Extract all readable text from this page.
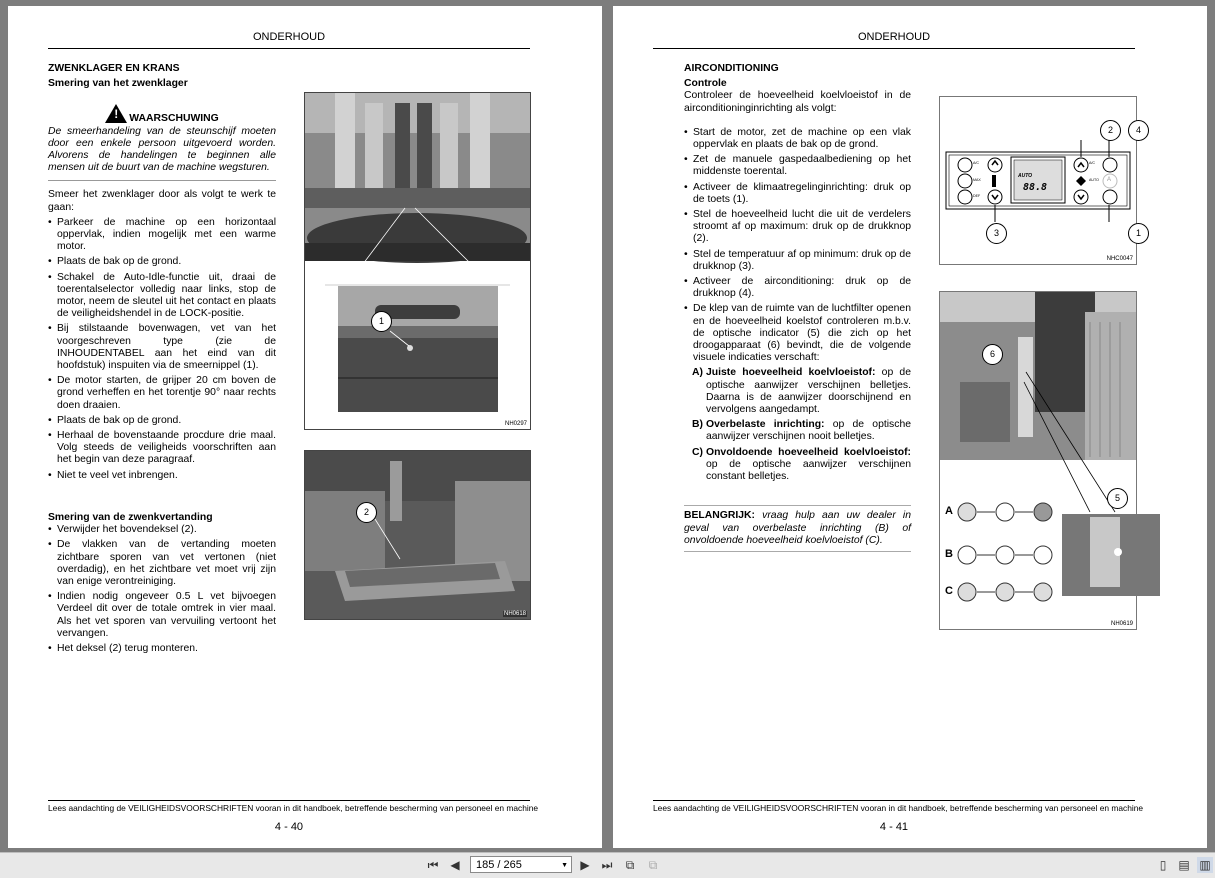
ONDERHOUD
ZWENKLAGER EN KRANS
Smering van het zwenklager
!WAARSCHUWING
De smeerhandeling van de steunschijf moeten door een enkele persoon uitgevoerd worden. Alvorens de handelingen te beginnen alle mensen uit de buurt van de machine wegsturen.
Smeer het zwenklager door als volgt te werk te gaan:
• Parkeer de machine op een horizontaal oppervlak, indien mogelijk met een warme motor.
• Plaats de bak op de grond.
• Schakel de Auto-Idle-functie uit, draai de toerentalselector volledig naar links, stop de motor, neem de sleutel uit het contact en plaats de veiligheidshendel in de LOCK-positie.
• Bij stilstaande bovenwagen, vet van het voorgeschreven type (zie de INHOUDENTABEL aan het eind van dit hoofdstuk) inspuiten via de smeernippel (1).
• De motor starten, de grijper 20 cm boven de grond verheffen en het torentje 90° naar rechts doen draaien.
• Plaats de bak op de grond.
• Herhaal de bovenstaande procdure drie maal. Volg steeds de veiligheids voorschriften aan het begin van deze paragraaf.
• Niet te veel vet inbrengen.
Smering van de zwenkvertanding
• Verwijder het bovendeksel (2).
• De vlakken van de vertanding moeten zichtbare sporen van vet vertonen (niet overdadig), en het zichtbare vet moet vrij zijn van enige verontreiniging.
• Indien nodig ongeveer 0.5 L vet bijvoegen Verdeel dit over de totale omtrek in vier maal. Als het vet sporen van vervuiling vertoont het vervangen.
• Het deksel (2) terug monteren.
1
NH0297
2
NH0618
Lees aandachting de VEILIGHEIDSVOORSCHRIFTEN vooran in dit handboek, betreffende bescherming van personeel en machine
4 - 40
ONDERHOUD
AIRCONDITIONING
Controle
Controleer de hoeveelheid koelvloeistof in de airconditioninginrichting als volgt:
• Start de motor, zet de machine op een vlak oppervlak en plaats de bak op de grond.
• Zet de manuele gaspedaalbediening op het middenste toerental.
• Activeer de klimaatregelinginrichting: druk op de toets (1).
• Stel de hoeveelheid lucht die uit de verdelers stroomt af op maximum: druk op de drukknop (2).
• Stel de temperatuur af op minimum: druk op de drukknop (3).
• Activeer de airconditioning: druk op de drukknop (4).
• De klep van de ruimte van de luchtfilter openen en de hoeveelheid koelstof controleren m.b.v. de optische indicator (5) die zich op het droogapparaat (6) bevindt, die de volgende visuele indicaties verschaft:
A) Juiste hoeveelheid koelvloeistof: op de optische aanwijzer verschijnen belletjes. Daarna is de aanwijzer doorschijnend en vervolgens aangedampt.
B) Overbelaste inrichting: op de optische aanwijzer verschijnen nooit belletjes.
C) Onvoldoende hoeveelheid koelvloeistof: op de optische aanwijzer verschijnen constant belletjes.
BELANGRIJK: vraag hulp aan uw dealer in geval van overbelaste inrichting (B) of onvoldoende hoeveelheid koelvloeistof (C).
AUTO
88.8
A/C
MAX
DEF
A/C
AUTO A
2	4
3	1
NHC0047
A
B
C
6
5
NH0619
Lees aandachting de VEILIGHEIDSVOORSCHRIFTEN vooran in dit handboek, betreffende bescherming van personeel en machine
4 - 41
⏮ ◀	185 / 265	▼ ▶ ⏭ ⧉ ⧉	▯ ▤ ▥
